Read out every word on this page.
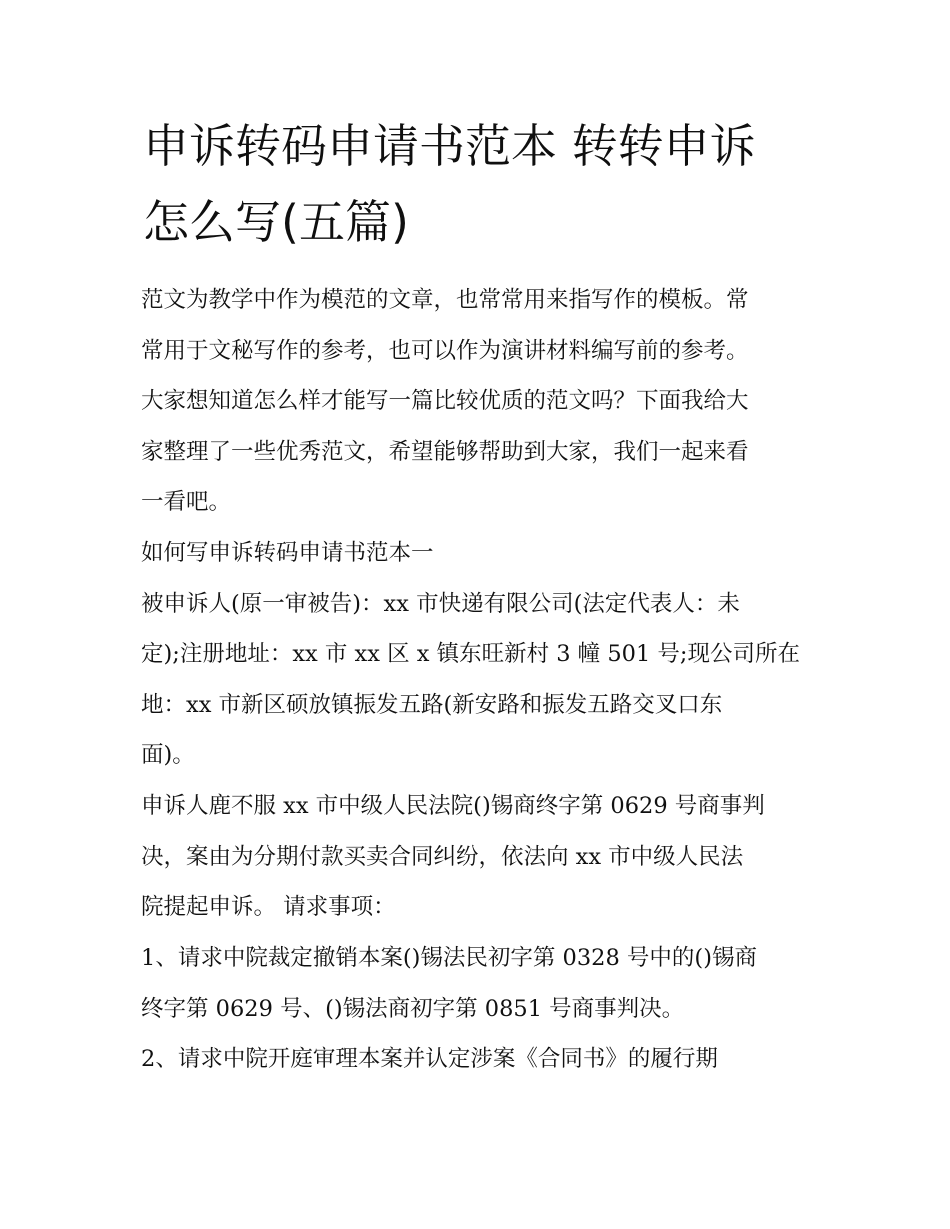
申诉转码申请书范本 转转申诉
怎么写(五篇)
范文为教学中作为模范的文章，也常常用来指写作的模板。常
常用于文秘写作的参考，也可以作为演讲材料编写前的参考。
大家想知道怎么样才能写一篇比较优质的范文吗？下面我给大
家整理了一些优秀范文，希望能够帮助到大家，我们一起来看
一看吧。
如何写申诉转码申请书范本一
被申诉人(原一审被告)：xx 市快递有限公司(法定代表人：未
定);注册地址：xx 市 xx 区 x 镇东旺新村 3 幢 501 号;现公司所在
地：xx 市新区硕放镇振发五路(新安路和振发五路交叉口东
面)。
申诉人鹿不服 xx 市中级人民法院()锡商终字第 0629 号商事判
决，案由为分期付款买卖合同纠纷，依法向 xx 市中级人民法
院提起申诉。 请求事项：
1、请求中院裁定撤销本案()锡法民初字第 0328 号中的()锡商
终字第 0629 号、()锡法商初字第 0851 号商事判决。
2、请求中院开庭审理本案并认定涉案《合同书》的履行期
